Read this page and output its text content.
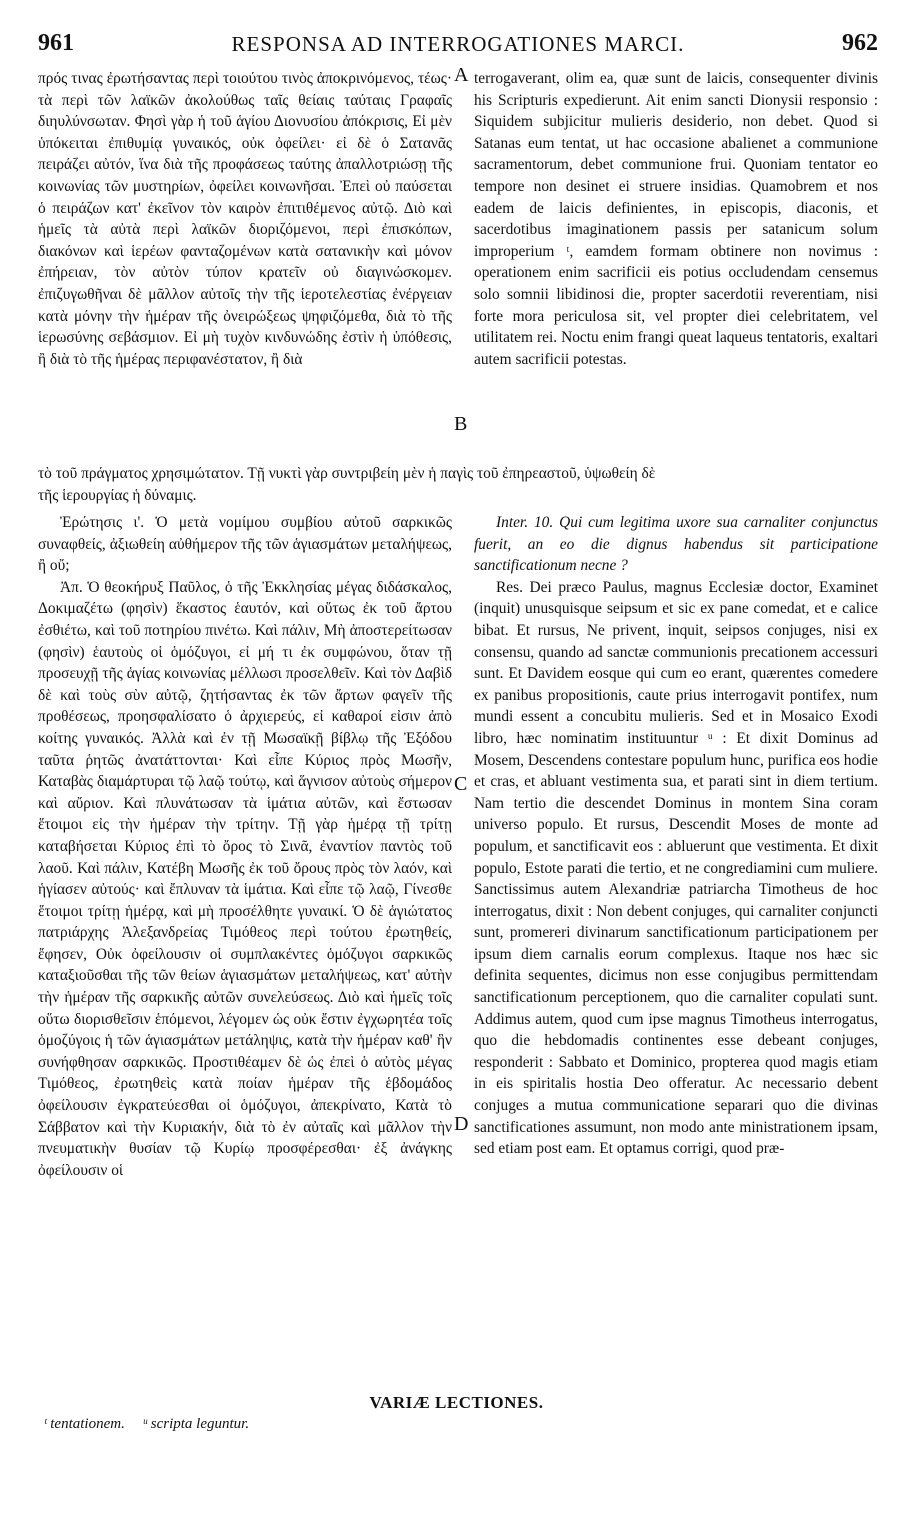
961	RESPONSA AD INTERROGATIONES MARCI.	962

πρός τινας ἐρωτήσαντας περὶ τοιούτου τινὸς ἀποκρινόμενος, τέως· τὰ περὶ τῶν λαϊκῶν ἀκολούθως ταῖς θείαις ταύταις Γραφαῖς διηυλύνσωταν. Φησὶ γὰρ ἡ τοῦ ἁγίου Διονυσίου ἀπόκρισις, Εἰ μὲν ὑπόκειται ἐπιθυμίᾳ γυναικός, οὐκ ὀφείλει· εἰ δὲ ὁ Σατανᾶς πειράζει αὐτόν, ἵνα διὰ τῆς προφάσεως ταύτης ἀπαλλοτριώσῃ τῆς κοινωνίας τῶν μυστηρίων, ὀφείλει κοινωνῆσαι. Ἐπεὶ οὐ παύσεται ὁ πειράζων κατ' ἐκεῖνον τὸν καιρὸν ἐπιτιθέμενος αὐτῷ. Διὸ καὶ ἡμεῖς τὰ αὐτὰ περὶ λαϊκῶν διοριζόμενοι, περὶ ἐπισκόπων, διακόνων καὶ ἱερέων φανταζομένων κατὰ σατανικὴν καὶ μόνον ἐπήρειαν, τὸν αὐτὸν τύπον κρατεῖν οὐ διαγινώσκομεν. ἐπιζυγωθῆναι δὲ μᾶλλον αὐτοῖς τὴν τῆς ἱεροτελεστίας ἐνέργειαν κατὰ μόνην τὴν ἡμέραν τῆς ὀνειρώξεως ψηφιζόμεθα, διὰ τὸ τῆς ἱερωσύνης σεβάσμιον. Εἰ μὴ τυχὸν κινδυνώδης ἐστὶν ἡ ὑπόθεσις, ἢ διὰ τὸ τῆς ἡμέρας περιφανέστατον, ἢ διὰ

terrogaverant, olim ea, quæ sunt de laicis, consequenter divinis his Scripturis expedierunt. Ait enim sancti Dionysii responsio : Siquidem subjicitur mulieris desiderio, non debet. Quod si Satanas eum tentat, ut hac occasione abalienet a communione sacramentorum, debet communione frui. Quoniam tentator eo tempore non desinet ei struere insidias. Quamobrem et nos eadem de laicis definientes, in episcopis, diaconis, et sacerdotibus imaginationem passis per satanicum solum improperium ᵗ, eamdem formam obtinere non novimus : operationem enim sacrificii eis potius occludendam censemus solo somnii libidinosi die, propter sacerdotii reverentiam, nisi forte mora periculosa sit, vel propter diei celebritatem, vel utilitatem rei. Noctu enim frangi queat laqueus tentatoris, exaltari autem sacrificii potestas.

τὸ τοῦ πράγματος χρησιμώτατον. Τῇ νυκτὶ γὰρ συντριβείη μὲν ἡ παγὶς τοῦ ἐπηρεαστοῦ, ὑψωθείη δὲ
τῆς ἱερουργίας ἡ δύναμις.

Ἐρώτησις ι'. Ὁ μετὰ νομίμου συμβίου αὐτοῦ σαρκικῶς συναφθείς, ἀξιωθείη αὐθήμερον τῆς τῶν ἁγιασμάτων μεταλήψεως, ἢ οὔ;

Ἀπ. Ὁ θεοκήρυξ Παῦλος, ὁ τῆς Ἐκκλησίας μέγας διδάσκαλος, Δοκιμαζέτω (φησὶν) ἕκαστος ἑαυτόν, καὶ οὕτως ἐκ τοῦ ἄρτου ἐσθιέτω, καὶ τοῦ ποτηρίου πινέτω. Καὶ πάλιν, Μὴ ἀποστερείτωσαν (φησὶν) ἑαυτοὺς οἱ ὁμόζυγοι, εἰ μή τι ἐκ συμφώνου, ὅταν τῇ προσευχῇ τῆς ἁγίας κοινωνίας μέλλωσι προσελθεῖν. Καὶ τὸν Δαβὶδ δὲ καὶ τοὺς σὺν αὐτῷ, ζητήσαντας ἐκ τῶν ἄρτων φαγεῖν τῆς προθέσεως, προησφαλίσατο ὁ ἀρχιερεύς, εἰ καθαροί εἰσιν ἀπὸ κοίτης γυναικός. Ἀλλὰ καὶ ἐν τῇ Μωσαϊκῇ βίβλῳ τῆς Ἐξόδου ταῦτα ῥητῶς ἀνατάττονται· Καὶ εἶπε Κύριος πρὸς Μωσῆν, Καταβὰς διαμάρτυραι τῷ λαῷ τούτῳ, καὶ ἅγνισον αὐτοὺς σήμερον καὶ αὔριον. Καὶ πλυνάτωσαν τὰ ἱμάτια αὐτῶν, καὶ ἔστωσαν ἕτοιμοι εἰς τὴν ἡμέραν τὴν τρίτην. Τῇ γὰρ ἡμέρᾳ τῇ τρίτῃ καταβήσεται Κύριος ἐπὶ τὸ ὄρος τὸ Σινᾶ, ἐναντίον παντὸς τοῦ λαοῦ. Καὶ πάλιν, Κατέβη Μωσῆς ἐκ τοῦ ὄρους πρὸς τὸν λαόν, καὶ ἡγίασεν αὐτούς· καὶ ἔπλυναν τὰ ἱμάτια. Καὶ εἶπε τῷ λαῷ, Γίνεσθε ἕτοιμοι τρίτῃ ἡμέρᾳ, καὶ μὴ προσέλθητε γυναικί. Ὁ δὲ ἁγιώτατος πατριάρχης Ἀλεξανδρείας Τιμόθεος περὶ τούτου ἐρωτηθείς, ἔφησεν, Οὐκ ὀφείλουσιν οἱ συμπλακέντες ὁμόζυγοι σαρκικῶς καταξιοῦσθαι τῆς τῶν θείων ἁγιασμάτων μεταλήψεως, κατ' αὐτὴν τὴν ἡμέραν τῆς σαρκικῆς αὐτῶν συνελεύσεως. Διὸ καὶ ἡμεῖς τοῖς οὕτω διορισθεῖσιν ἑπόμενοι, λέγομεν ὡς οὐκ ἔστιν ἐγχωρητέα τοῖς ὁμοζύγοις ἡ τῶν ἁγιασμάτων μετάληψις, κατὰ τὴν ἡμέραν καθ' ἣν συνήφθησαν σαρκικῶς. Προστιθέαμεν δὲ ὡς ἐπεὶ ὁ αὐτὸς μέγας Τιμόθεος, ἐρωτηθεὶς κατὰ ποίαν ἡμέραν τῆς ἑβδομάδος ὀφείλουσιν ἐγκρατεύεσθαι οἱ ὁμόζυγοι, ἀπεκρίνατο, Κατὰ τὸ Σάββατον καὶ τὴν Κυριακήν, διὰ τὸ ἐν αὐταῖς καὶ μᾶλλον τὴν πνευματικὴν θυσίαν τῷ Κυρίῳ προσφέρεσθαι· ἐξ ἀνάγκης ὀφείλουσιν οἱ

Inter. 10. Qui cum legitima uxore sua carnaliter conjunctus fuerit, an eo die dignus habendus sit participatione sanctificationum necne ?

Res. Dei præco Paulus, magnus Ecclesiæ doctor, Examinet (inquit) unusquisque seipsum et sic ex pane comedat, et e calice bibat. Et rursus, Ne privent, inquit, seipsos conjuges, nisi ex consensu, quando ad sanctæ communionis precationem accessuri sunt. Et Davidem eosque qui cum eo erant, quærentes comedere ex panibus propositionis, caute prius interrogavit pontifex, num mundi essent a concubitu mulieris. Sed et in Mosaico Exodi libro, hæc nominatim instituuntur ᵘ : Et dixit Dominus ad Mosem, Descendens contestare populum hunc, purifica eos hodie et cras, et abluant vestimenta sua, et parati sint in diem tertium. Nam tertio die descendet Dominus in montem Sina coram universo populo. Et rursus, Descendit Moses de monte ad populum, et sanctificavit eos : abluerunt que vestimenta. Et dixit populo, Estote parati die tertio, et ne congrediamini cum muliere. Sanctissimus autem Alexandriæ patriarcha Timotheus de hoc interrogatus, dixit : Non debent conjuges, qui carnaliter conjuncti sunt, promereri divinarum sanctificationum participationem per ipsum diem carnalis eorum complexus. Itaque nos hæc sic definita sequentes, dicimus non esse conjugibus permittendam sanctificationum perceptionem, quo die carnaliter copulati sunt. Addimus autem, quod cum ipse magnus Timotheus interrogatus, quo die hebdomadis continentes esse debeant conjuges, responderit : Sabbato et Dominico, propterea quod magis etiam in eis spiritalis hostia Deo offeratur. Ac necessario debent conjuges a mutua communicatione separari quo die divinas sanctificationes assumunt, non modo ante ministrationem ipsam, sed etiam post eam. Et optamus corrigi, quod præ-

A
B
C
D
VARIÆ LECTIONES.
ᵗ tentationem. ᵘ scripta leguntur.
